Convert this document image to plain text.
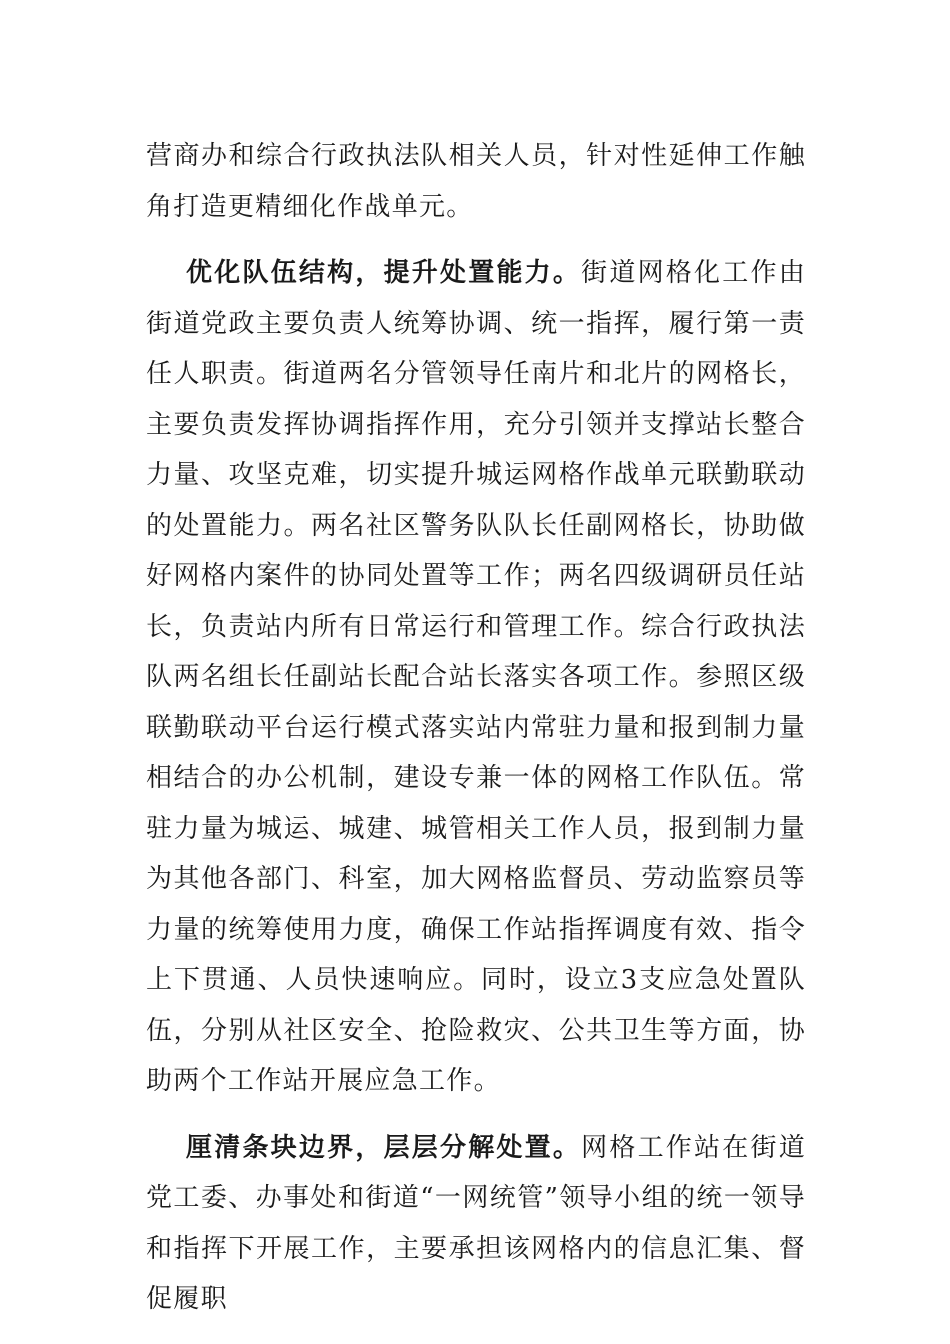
营商办和综合行政执法队相关人员，针对性延伸工作触角打造更精细化作战单元。

优化队伍结构，提升处置能力。街道网格化工作由街道党政主要负责人统筹协调、统一指挥，履行第一责任人职责。街道两名分管领导任南片和北片的网格长，主要负责发挥协调指挥作用，充分引领并支撑站长整合力量、攻坚克难，切实提升城运网格作战单元联勤联动的处置能力。两名社区警务队队长任副网格长，协助做好网格内案件的协同处置等工作；两名四级调研员任站长，负责站内所有日常运行和管理工作。综合行政执法队两名组长任副站长配合站长落实各项工作。参照区级联勤联动平台运行模式落实站内常驻力量和报到制力量相结合的办公机制，建设专兼一体的网格工作队伍。常驻力量为城运、城建、城管相关工作人员，报到制力量为其他各部门、科室，加大网格监督员、劳动监察员等力量的统筹使用力度，确保工作站指挥调度有效、指令上下贯通、人员快速响应。同时，设立3支应急处置队伍，分别从社区安全、抢险救灾、公共卫生等方面，协助两个工作站开展应急工作。

厘清条块边界，层层分解处置。网格工作站在街道党工委、办事处和街道“一网统管”领导小组的统一领导和指挥下开展工作，主要承担该网格内的信息汇集、督促履职
